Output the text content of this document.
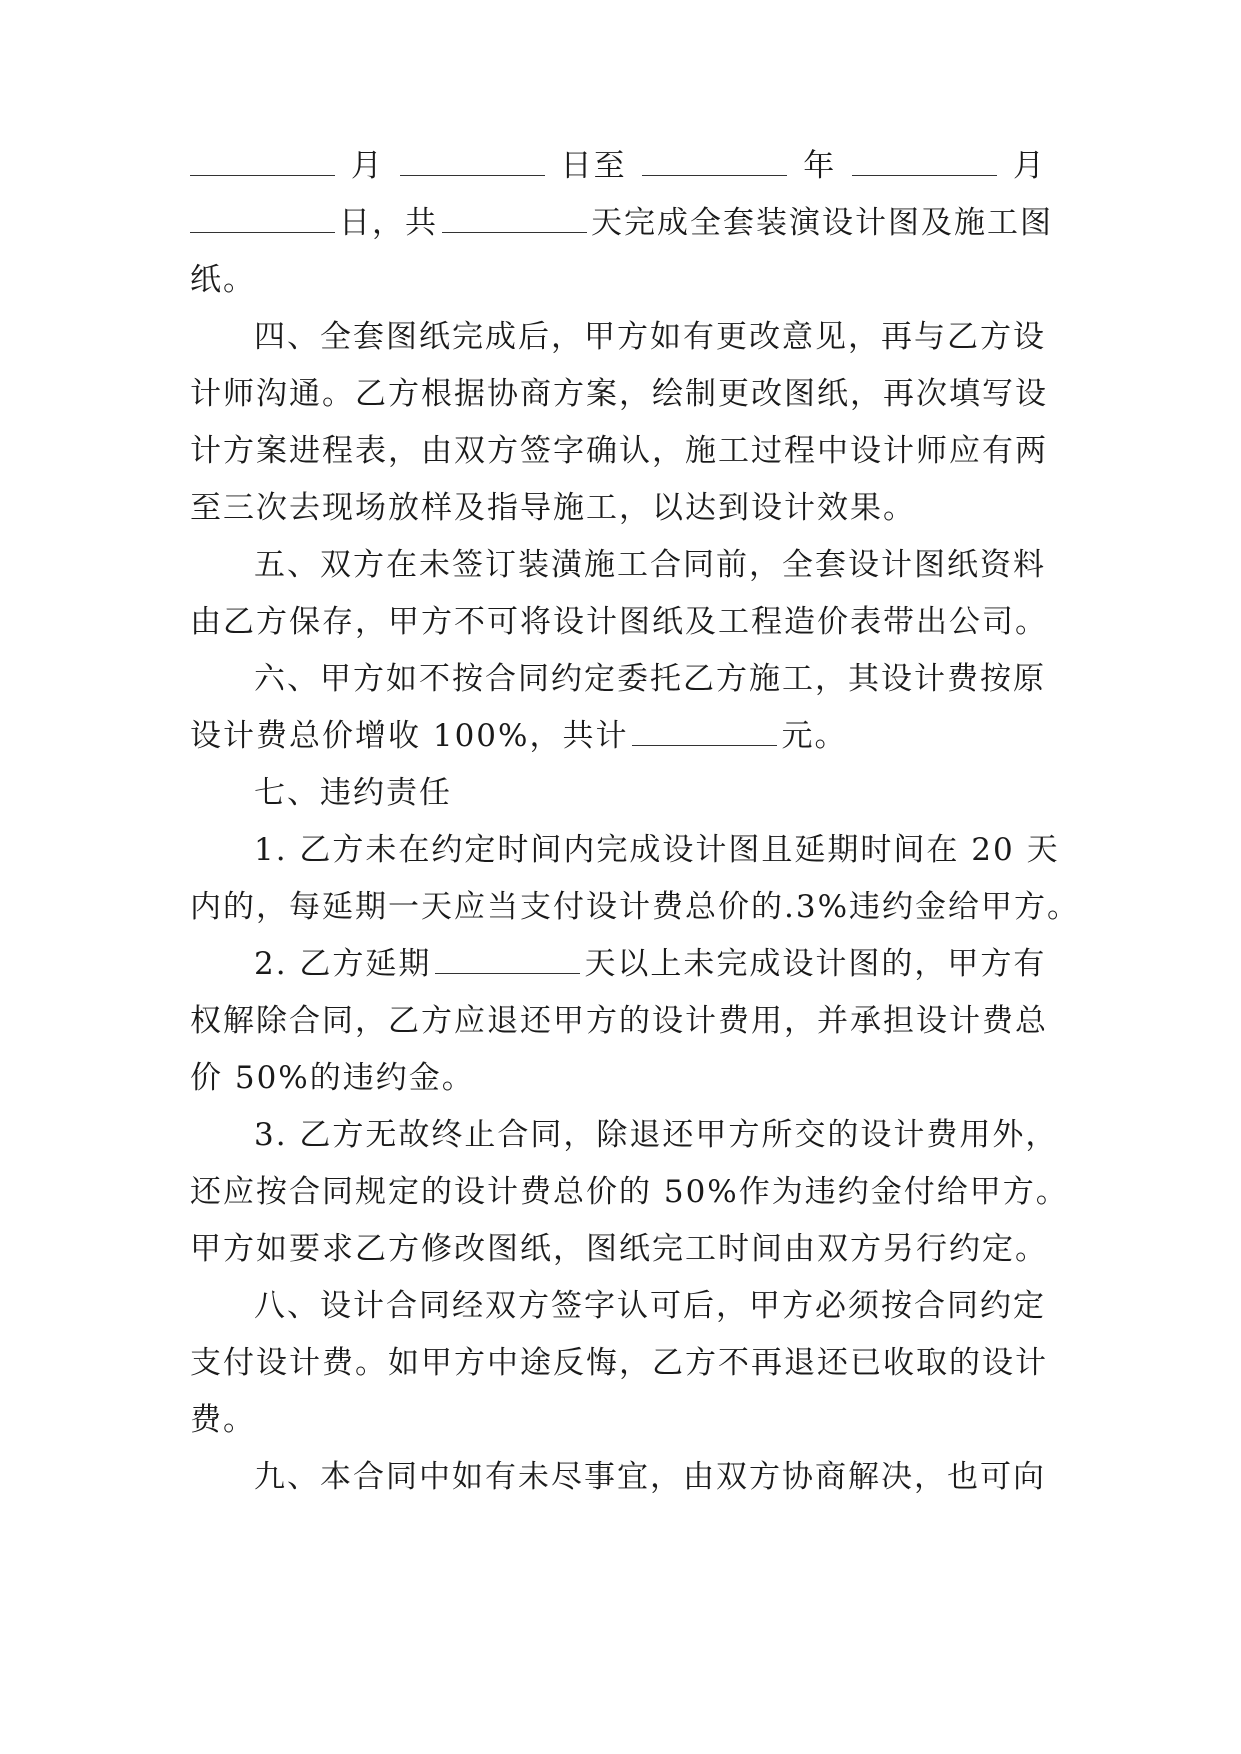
月	日至	年	月
日，共	天完成全套装演设计图及施工图
纸。
四、全套图纸完成后，甲方如有更改意见，再与乙方设
计师沟通。乙方根据协商方案，绘制更改图纸，再次填写设
计方案进程表，由双方签字确认，施工过程中设计师应有两
至三次去现场放样及指导施工，以达到设计效果。
五、双方在未签订装潢施工合同前，全套设计图纸资料
由乙方保存，甲方不可将设计图纸及工程造价表带出公司。
六、甲方如不按合同约定委托乙方施工，其设计费按原
设计费总价增收 100%，共计	元。
七、违约责任
1. 乙方未在约定时间内完成设计图且延期时间在 20 天
内的，每延期一天应当支付设计费总价的.3%违约金给甲方。
2. 乙方延期	天以上未完成设计图的，甲方有
权解除合同，乙方应退还甲方的设计费用，并承担设计费总
价 50%的违约金。
3. 乙方无故终止合同，除退还甲方所交的设计费用外，
还应按合同规定的设计费总价的 50%作为违约金付给甲方。
甲方如要求乙方修改图纸，图纸完工时间由双方另行约定。
八、设计合同经双方签字认可后，甲方必须按合同约定
支付设计费。如甲方中途反悔，乙方不再退还已收取的设计
费。
九、本合同中如有未尽事宜，由双方协商解决，也可向
